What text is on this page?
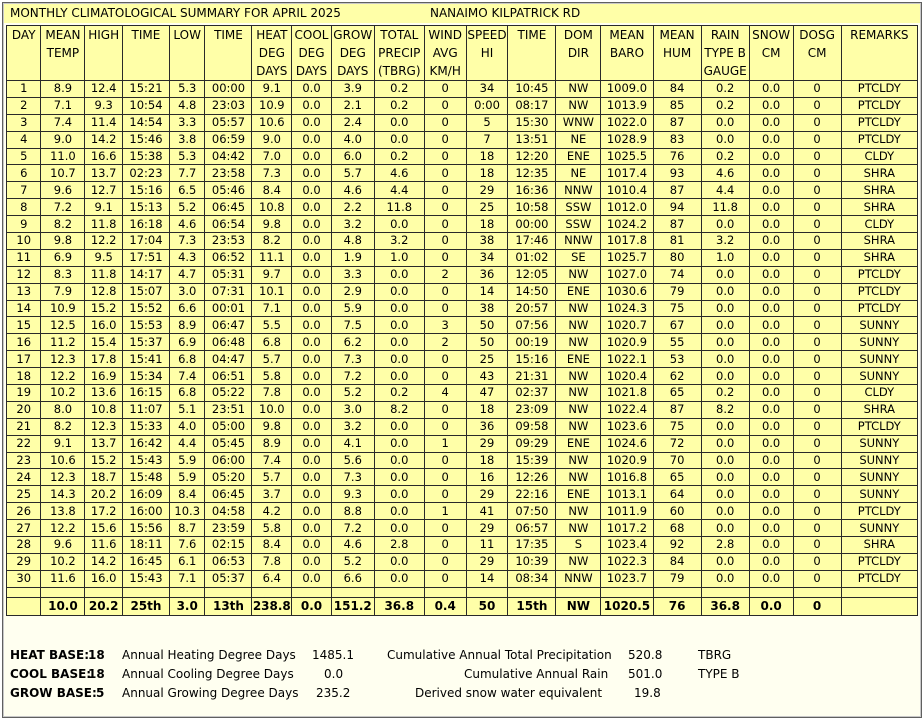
MONTHLY CLIMATOLOGICAL SUMMARY FOR APRIL 2025	NANAIMO KILPATRICK RD
DAY	MEAN TEMP	HIGH	TIME	LOW	TIME	HEAT DEG DAYS	COOL DEG DAYS	GROW DEG DAYS	TOTAL PRECIP (TBRG)	WIND AVG KM/H	SPEED HI	TIME	DOM DIR	MEAN BARO	MEAN HUM	RAIN TYPE B GAUGE	SNOW CM	DOSG CM	REMARKS
1	8.9	12.4	15:21	5.3	00:00	9.1	0.0	3.9	0.2	0	34	10:45	NW	1009.0	84	0.2	0.0	0	PTCLDY
2	7.1	9.3	10:54	4.8	23:03	10.9	0.0	2.1	0.2	0	0:00	08:17	NW	1013.9	85	0.2	0.0	0	PTCLDY
3	7.4	11.4	14:54	3.3	05:57	10.6	0.0	2.4	0.0	0	5	15:30	WNW	1022.0	87	0.0	0.0	0	PTCLDY
4	9.0	14.2	15:46	3.8	06:59	9.0	0.0	4.0	0.0	0	7	13:51	NE	1028.9	83	0.0	0.0	0	PTCLDY
5	11.0	16.6	15:38	5.3	04:42	7.0	0.0	6.0	0.2	0	18	12:20	ENE	1025.5	76	0.2	0.0	0	CLDY
6	10.7	13.7	02:23	7.7	23:58	7.3	0.0	5.7	4.6	0	18	12:35	NE	1017.4	93	4.6	0.0	0	SHRA
7	9.6	12.7	15:16	6.5	05:46	8.4	0.0	4.6	4.4	0	29	16:36	NNW	1010.4	87	4.4	0.0	0	SHRA
8	7.2	9.1	15:13	5.2	06:45	10.8	0.0	2.2	11.8	0	25	10:58	SSW	1012.0	94	11.8	0.0	0	SHRA
9	8.2	11.8	16:18	4.6	06:54	9.8	0.0	3.2	0.0	0	18	00:00	SSW	1024.2	87	0.0	0.0	0	CLDY
10	9.8	12.2	17:04	7.3	23:53	8.2	0.0	4.8	3.2	0	38	17:46	NNW	1017.8	81	3.2	0.0	0	SHRA
11	6.9	9.5	17:51	4.3	06:52	11.1	0.0	1.9	1.0	0	34	01:02	SE	1025.7	80	1.0	0.0	0	SHRA
12	8.3	11.8	14:17	4.7	05:31	9.7	0.0	3.3	0.0	2	36	12:05	NW	1027.0	74	0.0	0.0	0	PTCLDY
13	7.9	12.8	15:07	3.0	07:31	10.1	0.0	2.9	0.0	0	14	14:50	ENE	1030.6	79	0.0	0.0	0	PTCLDY
14	10.9	15.2	15:52	6.6	00:01	7.1	0.0	5.9	0.0	0	38	20:57	NW	1024.3	75	0.0	0.0	0	PTCLDY
15	12.5	16.0	15:53	8.9	06:47	5.5	0.0	7.5	0.0	3	50	07:56	NW	1020.7	67	0.0	0.0	0	SUNNY
16	11.2	15.4	15:37	6.9	06:48	6.8	0.0	6.2	0.0	2	50	00:19	NW	1020.9	55	0.0	0.0	0	SUNNY
17	12.3	17.8	15:41	6.8	04:47	5.7	0.0	7.3	0.0	0	25	15:16	ENE	1022.1	53	0.0	0.0	0	SUNNY
18	12.2	16.9	15:34	7.4	06:51	5.8	0.0	7.2	0.0	0	43	21:31	NW	1020.4	62	0.0	0.0	0	SUNNY
19	10.2	13.6	16:15	6.8	05:22	7.8	0.0	5.2	0.2	4	47	02:37	NW	1021.8	65	0.2	0.0	0	CLDY
20	8.0	10.8	11:07	5.1	23:51	10.0	0.0	3.0	8.2	0	18	23:09	NW	1022.4	87	8.2	0.0	0	SHRA
21	8.2	12.3	15:33	4.0	05:00	9.8	0.0	3.2	0.0	0	36	09:58	NW	1023.6	75	0.0	0.0	0	PTCLDY
22	9.1	13.7	16:42	4.4	05:45	8.9	0.0	4.1	0.0	1	29	09:29	ENE	1024.6	72	0.0	0.0	0	SUNNY
23	10.6	15.2	15:43	5.9	06:00	7.4	0.0	5.6	0.0	0	18	15:39	NW	1020.9	70	0.0	0.0	0	SUNNY
24	12.3	18.7	15:48	5.9	05:20	5.7	0.0	7.3	0.0	0	16	12:26	NW	1016.8	65	0.0	0.0	0	SUNNY
25	14.3	20.2	16:09	8.4	06:45	3.7	0.0	9.3	0.0	0	29	22:16	ENE	1013.1	64	0.0	0.0	0	SUNNY
26	13.8	17.2	16:00	10.3	04:58	4.2	0.0	8.8	0.0	1	41	07:50	NW	1011.9	60	0.0	0.0	0	PTCLDY
27	12.2	15.6	15:56	8.7	23:59	5.8	0.0	7.2	0.0	0	29	06:57	NW	1017.2	68	0.0	0.0	0	SUNNY
28	9.6	11.6	18:11	7.6	02:15	8.4	0.0	4.6	2.8	0	11	17:35	S	1023.4	92	2.8	0.0	0	SHRA
29	10.2	14.2	16:45	6.1	06:53	7.8	0.0	5.2	0.0	0	29	10:39	NW	1022.3	84	0.0	0.0	0	PTCLDY
30	11.6	16.0	15:43	7.1	05:37	6.4	0.0	6.6	0.0	0	14	08:34	NNW	1023.7	79	0.0	0.0	0	PTCLDY

	10.0	20.2	25th	3.0	13th	238.8	0.0	151.2	36.8	0.4	50	15th	NW	1020.5	76	36.8	0.0	0	
HEAT BASE:
18 Annual Heating Degree Days 1485.1	Cumulative Annual Total Precipitation 520.8	TBRG
COOL BASE:
18 Annual Cooling Degree Days	0.0	Cumulative Annual Rain 501.0	TYPE B
GROW BASE: 5 Annual Growing Degree Days 235.2	Derived snow water equivalent	19.8
